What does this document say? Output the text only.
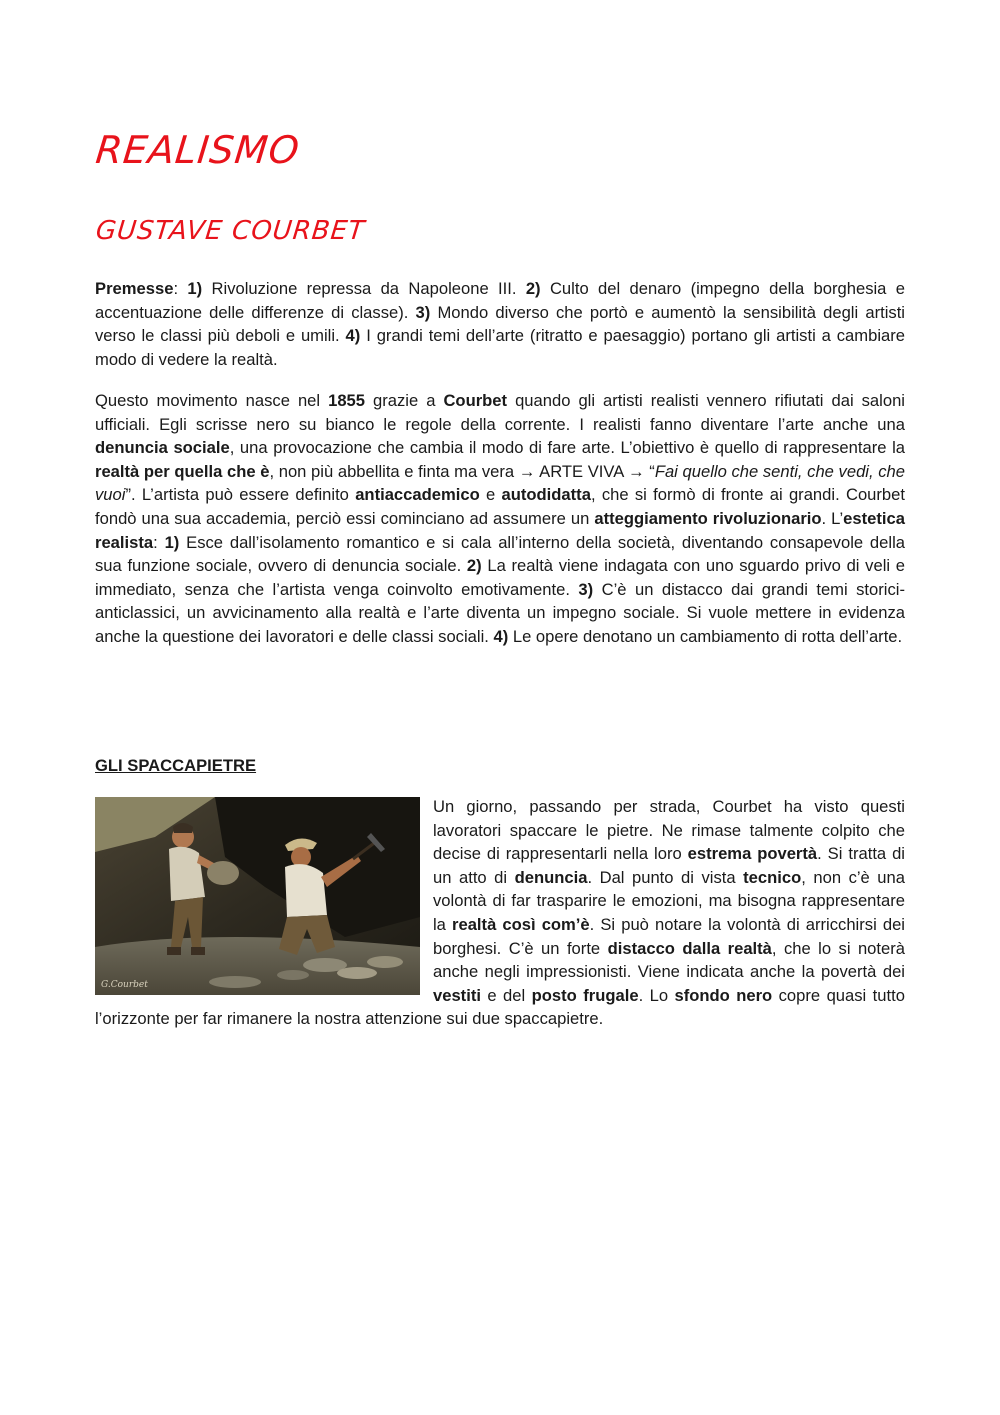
REALISMO
GUSTAVE COURBET

Premesse: 1) Rivoluzione repressa da Napoleone III. 2) Culto del denaro (impegno della borghesia e accentuazione delle differenze di classe). 3) Mondo diverso che portò e aumentò la sensibilità degli artisti verso le classi più deboli e umili. 4) I grandi temi dell’arte (ritratto e paesaggio) portano gli artisti a cambiare modo di vedere la realtà.

Questo movimento nasce nel 1855 grazie a Courbet quando gli artisti realisti vennero rifiutati dai saloni ufficiali. Egli scrisse nero su bianco le regole della corrente. I realisti fanno diventare l’arte anche una denuncia sociale, una provocazione che cambia il modo di fare arte. L’obiettivo è quello di rappresentare la realtà per quella che è, non più abbellita e finta ma vera → ARTE VIVA → “Fai quello che senti, che vedi, che vuoi”. L’artista può essere definito antiaccademico e autodidatta, che si formò di fronte ai grandi. Courbet fondò una sua accademia, perciò essi cominciano ad assumere un atteggiamento rivoluzionario. L’estetica realista: 1) Esce dall’isolamento romantico e si cala all’interno della società, diventando consapevole della sua funzione sociale, ovvero di denuncia sociale. 2) La realtà viene indagata con uno sguardo privo di veli e immediato, senza che l’artista venga coinvolto emotivamente. 3) C’è un distacco dai grandi temi storici-anticlassici, un avvicinamento alla realtà e l’arte diventa un impegno sociale. Si vuole mettere in evidenza anche la questione dei lavoratori e delle classi sociali. 4) Le opere denotano un cambiamento di rotta dell’arte.

GLI SPACCAPIETRE
G.Courbet

Un giorno, passando per strada, Courbet ha visto questi lavoratori spaccare le pietre. Ne rimase talmente colpito che decise di rappresentarli nella loro estrema povertà. Si tratta di un atto di denuncia. Dal punto di vista tecnico, non c’è una volontà di far trasparire le emozioni, ma bisogna rappresentare la realtà così com’è. Si può notare la volontà di arricchirsi dei borghesi. C’è un forte distacco dalla realtà, che lo si noterà anche negli impressionisti. Viene indicata anche la povertà dei vestiti e del posto frugale. Lo sfondo nero copre quasi tutto l’orizzonte per far rimanere la nostra attenzione sui due spaccapietre.
